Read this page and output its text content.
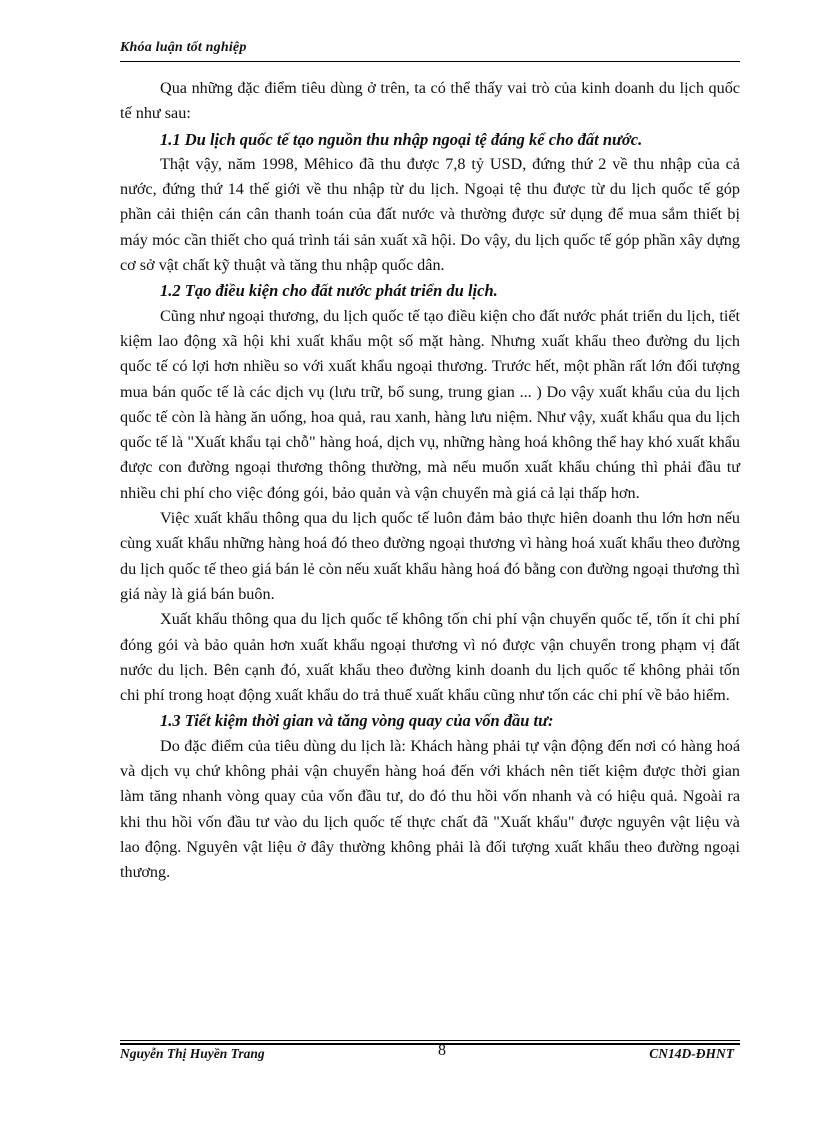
Khóa luận tốt nghiệp

Qua những đặc điểm tiêu dùng ở trên, ta có thể thấy vai trò của kinh doanh du lịch quốc tế như sau:

1.1 Du lịch quốc tế tạo nguồn thu nhập ngoại tệ đáng kể cho đất nước.

Thật vậy, năm 1998, Mêhico đã thu được 7,8 tỷ USD, đứng thứ 2 về thu nhập của cả nước, đứng thứ 14 thế giới về thu nhập từ du lịch. Ngoại tệ thu được từ du lịch quốc tế góp phần cải thiện cán cân thanh toán của đất nước và thường được sử dụng để mua sắm thiết bị máy móc cần thiết cho quá trình tái sản xuất xã hội. Do vậy, du lịch quốc tế góp phần xây dựng cơ sở vật chất kỹ thuật và tăng thu nhập quốc dân.

1.2 Tạo điều kiện cho đất nước phát triển du lịch.

Cũng như ngoại thương, du lịch quốc tế tạo điều kiện cho đất nước phát triển du lịch, tiết kiệm lao động xã hội khi xuất khẩu một số mặt hàng. Nhưng xuất khẩu theo đường du lịch quốc tế có lợi hơn nhiều so với xuất khẩu ngoại thương. Trước hết, một phần rất lớn đối tượng mua bán quốc tế là các dịch vụ (lưu trữ, bổ sung, trung gian ... ) Do vậy xuất khẩu của du lịch quốc tế còn là hàng ăn uống, hoa quả, rau xanh, hàng lưu niệm. Như vậy, xuất khẩu qua du lịch quốc tế là "Xuất khẩu tại chỗ" hàng hoá, dịch vụ, những hàng hoá không thể hay khó xuất khẩu được con đường ngoại thương thông thường, mà nếu muốn xuất khẩu chúng thì phải đầu tư nhiều chi phí cho việc đóng gói, bảo quản và vận chuyển mà giá cả lại thấp hơn.

Việc xuất khẩu thông qua du lịch quốc tế luôn đảm bảo thực hiên doanh thu lớn hơn nếu cùng xuất khẩu những hàng hoá đó theo đường ngoại thương vì hàng hoá xuất khẩu theo đường du lịch quốc tế theo giá bán lẻ còn nếu xuất khẩu hàng hoá đó bằng con đường ngoại thương thì giá này là giá bán buôn.

Xuất khẩu thông qua du lịch quốc tế không tốn chi phí vận chuyển quốc tế, tốn ít chi phí đóng gói và bảo quản hơn xuất khẩu ngoại thương vì nó được vận chuyển trong phạm vị đất nước du lịch. Bên cạnh đó, xuất khẩu theo đường kinh doanh du lịch quốc tế không phải tốn chi phí trong hoạt động xuất khẩu do trả thuế xuất khẩu cũng như tốn các chi phí về bảo hiểm.

1.3 Tiết kiệm thời gian và tăng vòng quay của vốn đầu tư:

Do đặc điểm của tiêu dùng du lịch là: Khách hàng phải tự vận động đến nơi có hàng hoá và dịch vụ chứ không phải vận chuyển hàng hoá đến với khách nên tiết kiệm được thời gian làm tăng nhanh vòng quay của vốn đầu tư, do đó thu hồi vốn nhanh và có hiệu quả. Ngoài ra khi thu hồi vốn đầu tư vào du lịch quốc tế thực chất đã "Xuất khẩu" được nguyên vật liệu và lao động. Nguyên vật liệu ở đây thường không phải là đối tượng xuất khẩu theo đường ngoại thương.

Nguyễn Thị Huyền Trang	8	CN14D-ĐHNT
